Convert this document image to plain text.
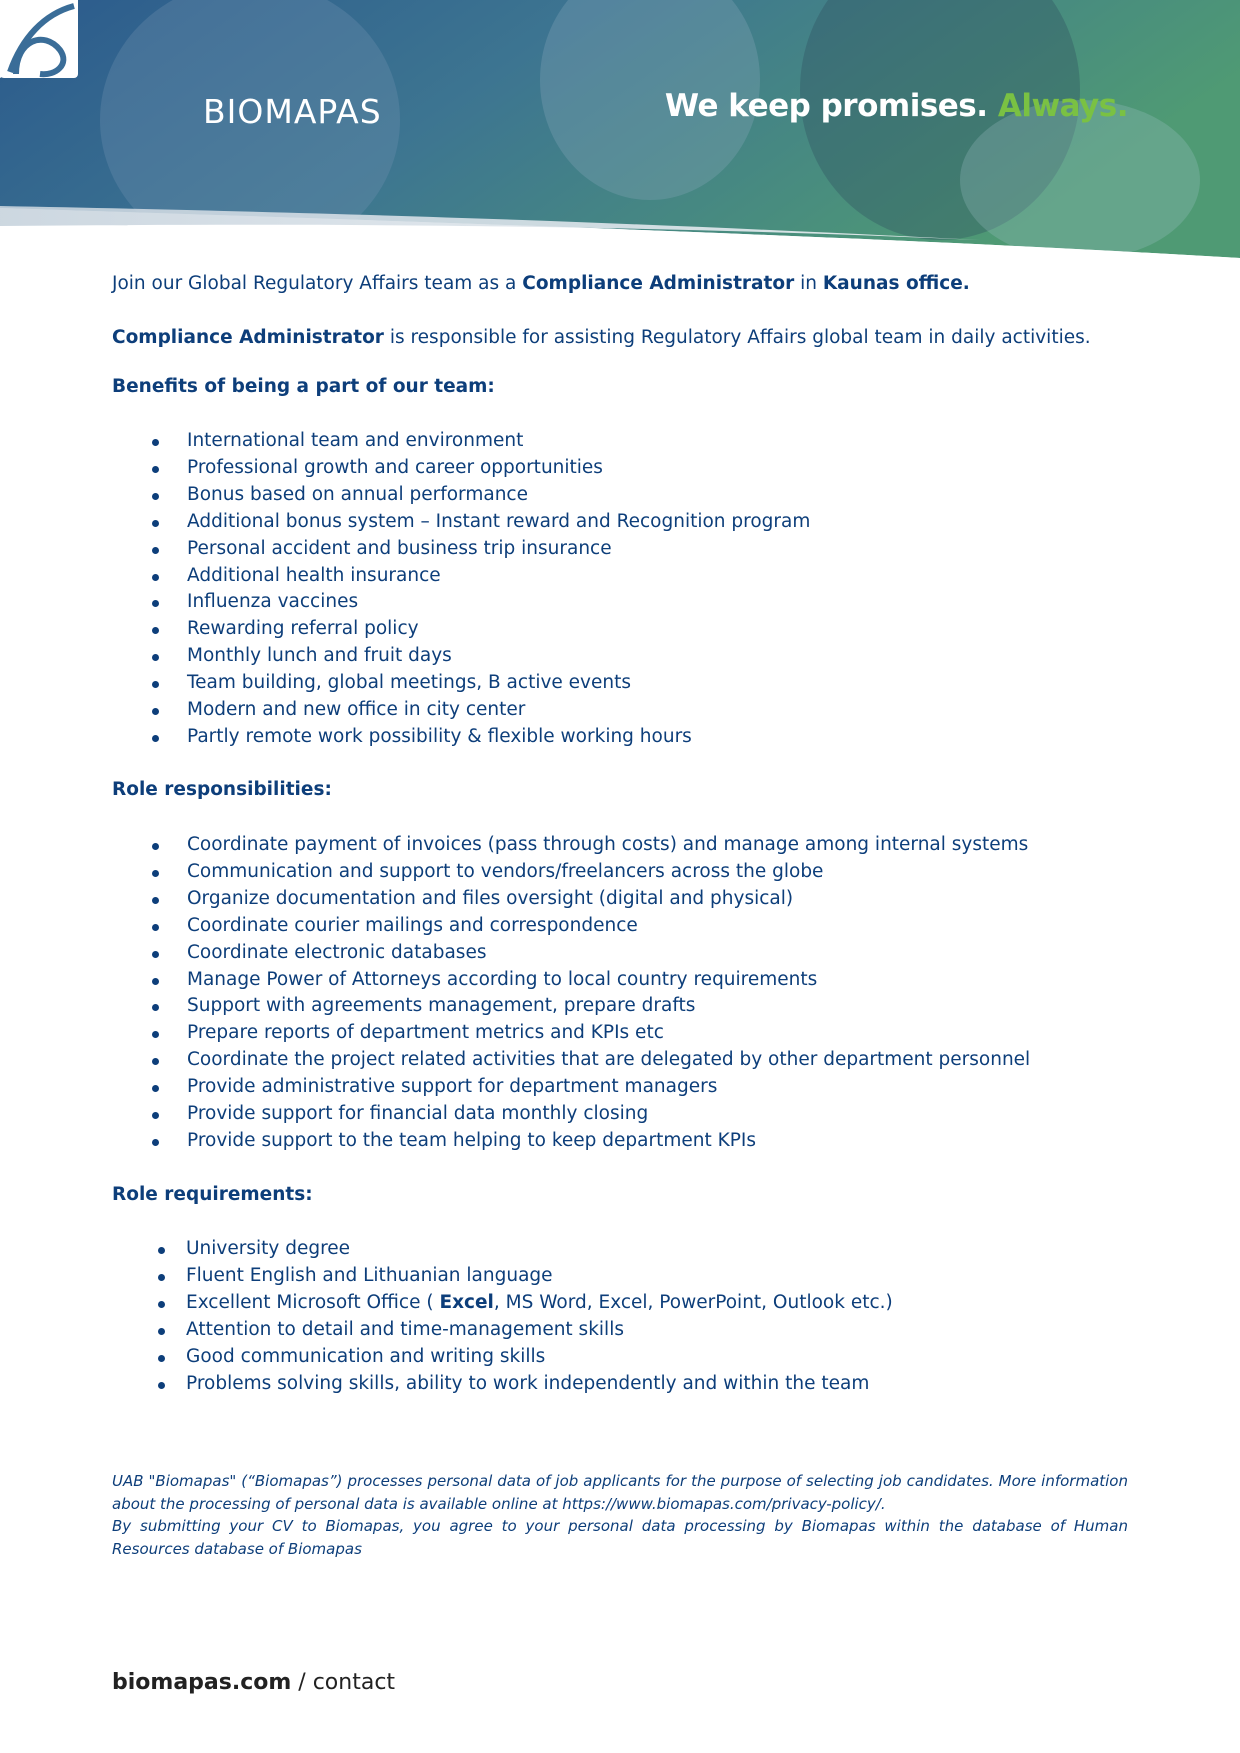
BIOMAPAS	We keep promises. Always.

Join our Global Regulatory Affairs team as a Compliance Administrator in Kaunas office.

Compliance Administrator is responsible for assisting Regulatory Affairs global team in daily activities.

Benefits of being a part of our team:
International team and environment
Professional growth and career opportunities
Bonus based on annual performance
Additional bonus system – Instant reward and Recognition program
Personal accident and business trip insurance
Additional health insurance
Influenza vaccines
Rewarding referral policy
Monthly lunch and fruit days
Team building, global meetings, B active events
Modern and new office in city center
Partly remote work possibility & flexible working hours
Role responsibilities:
Coordinate payment of invoices (pass through costs) and manage among internal systems
Communication and support to vendors/freelancers across the globe
Organize documentation and files oversight (digital and physical)
Coordinate courier mailings and correspondence
Coordinate electronic databases
Manage Power of Attorneys according to local country requirements
Support with agreements management, prepare drafts
Prepare reports of department metrics and KPIs etc
Coordinate the project related activities that are delegated by other department personnel
Provide administrative support for department managers
Provide support for financial data monthly closing
Provide support to the team helping to keep department KPIs
Role requirements:
University degree
Fluent English and Lithuanian language
Excellent Microsoft Office ( Excel, MS Word, Excel, PowerPoint, Outlook etc.)
Attention to detail and time-management skills
Good communication and writing skills
Problems solving skills, ability to work independently and within the team

UAB "Biomapas" (“Biomapas”) processes personal data of job applicants for the purpose of selecting job candidates. More information about the processing of personal data is available online at https://www.biomapas.com/privacy-policy/.

By submitting your CV to Biomapas, you agree to your personal data processing by Biomapas within the database of Human Resources database of Biomapas

biomapas.com / contact
